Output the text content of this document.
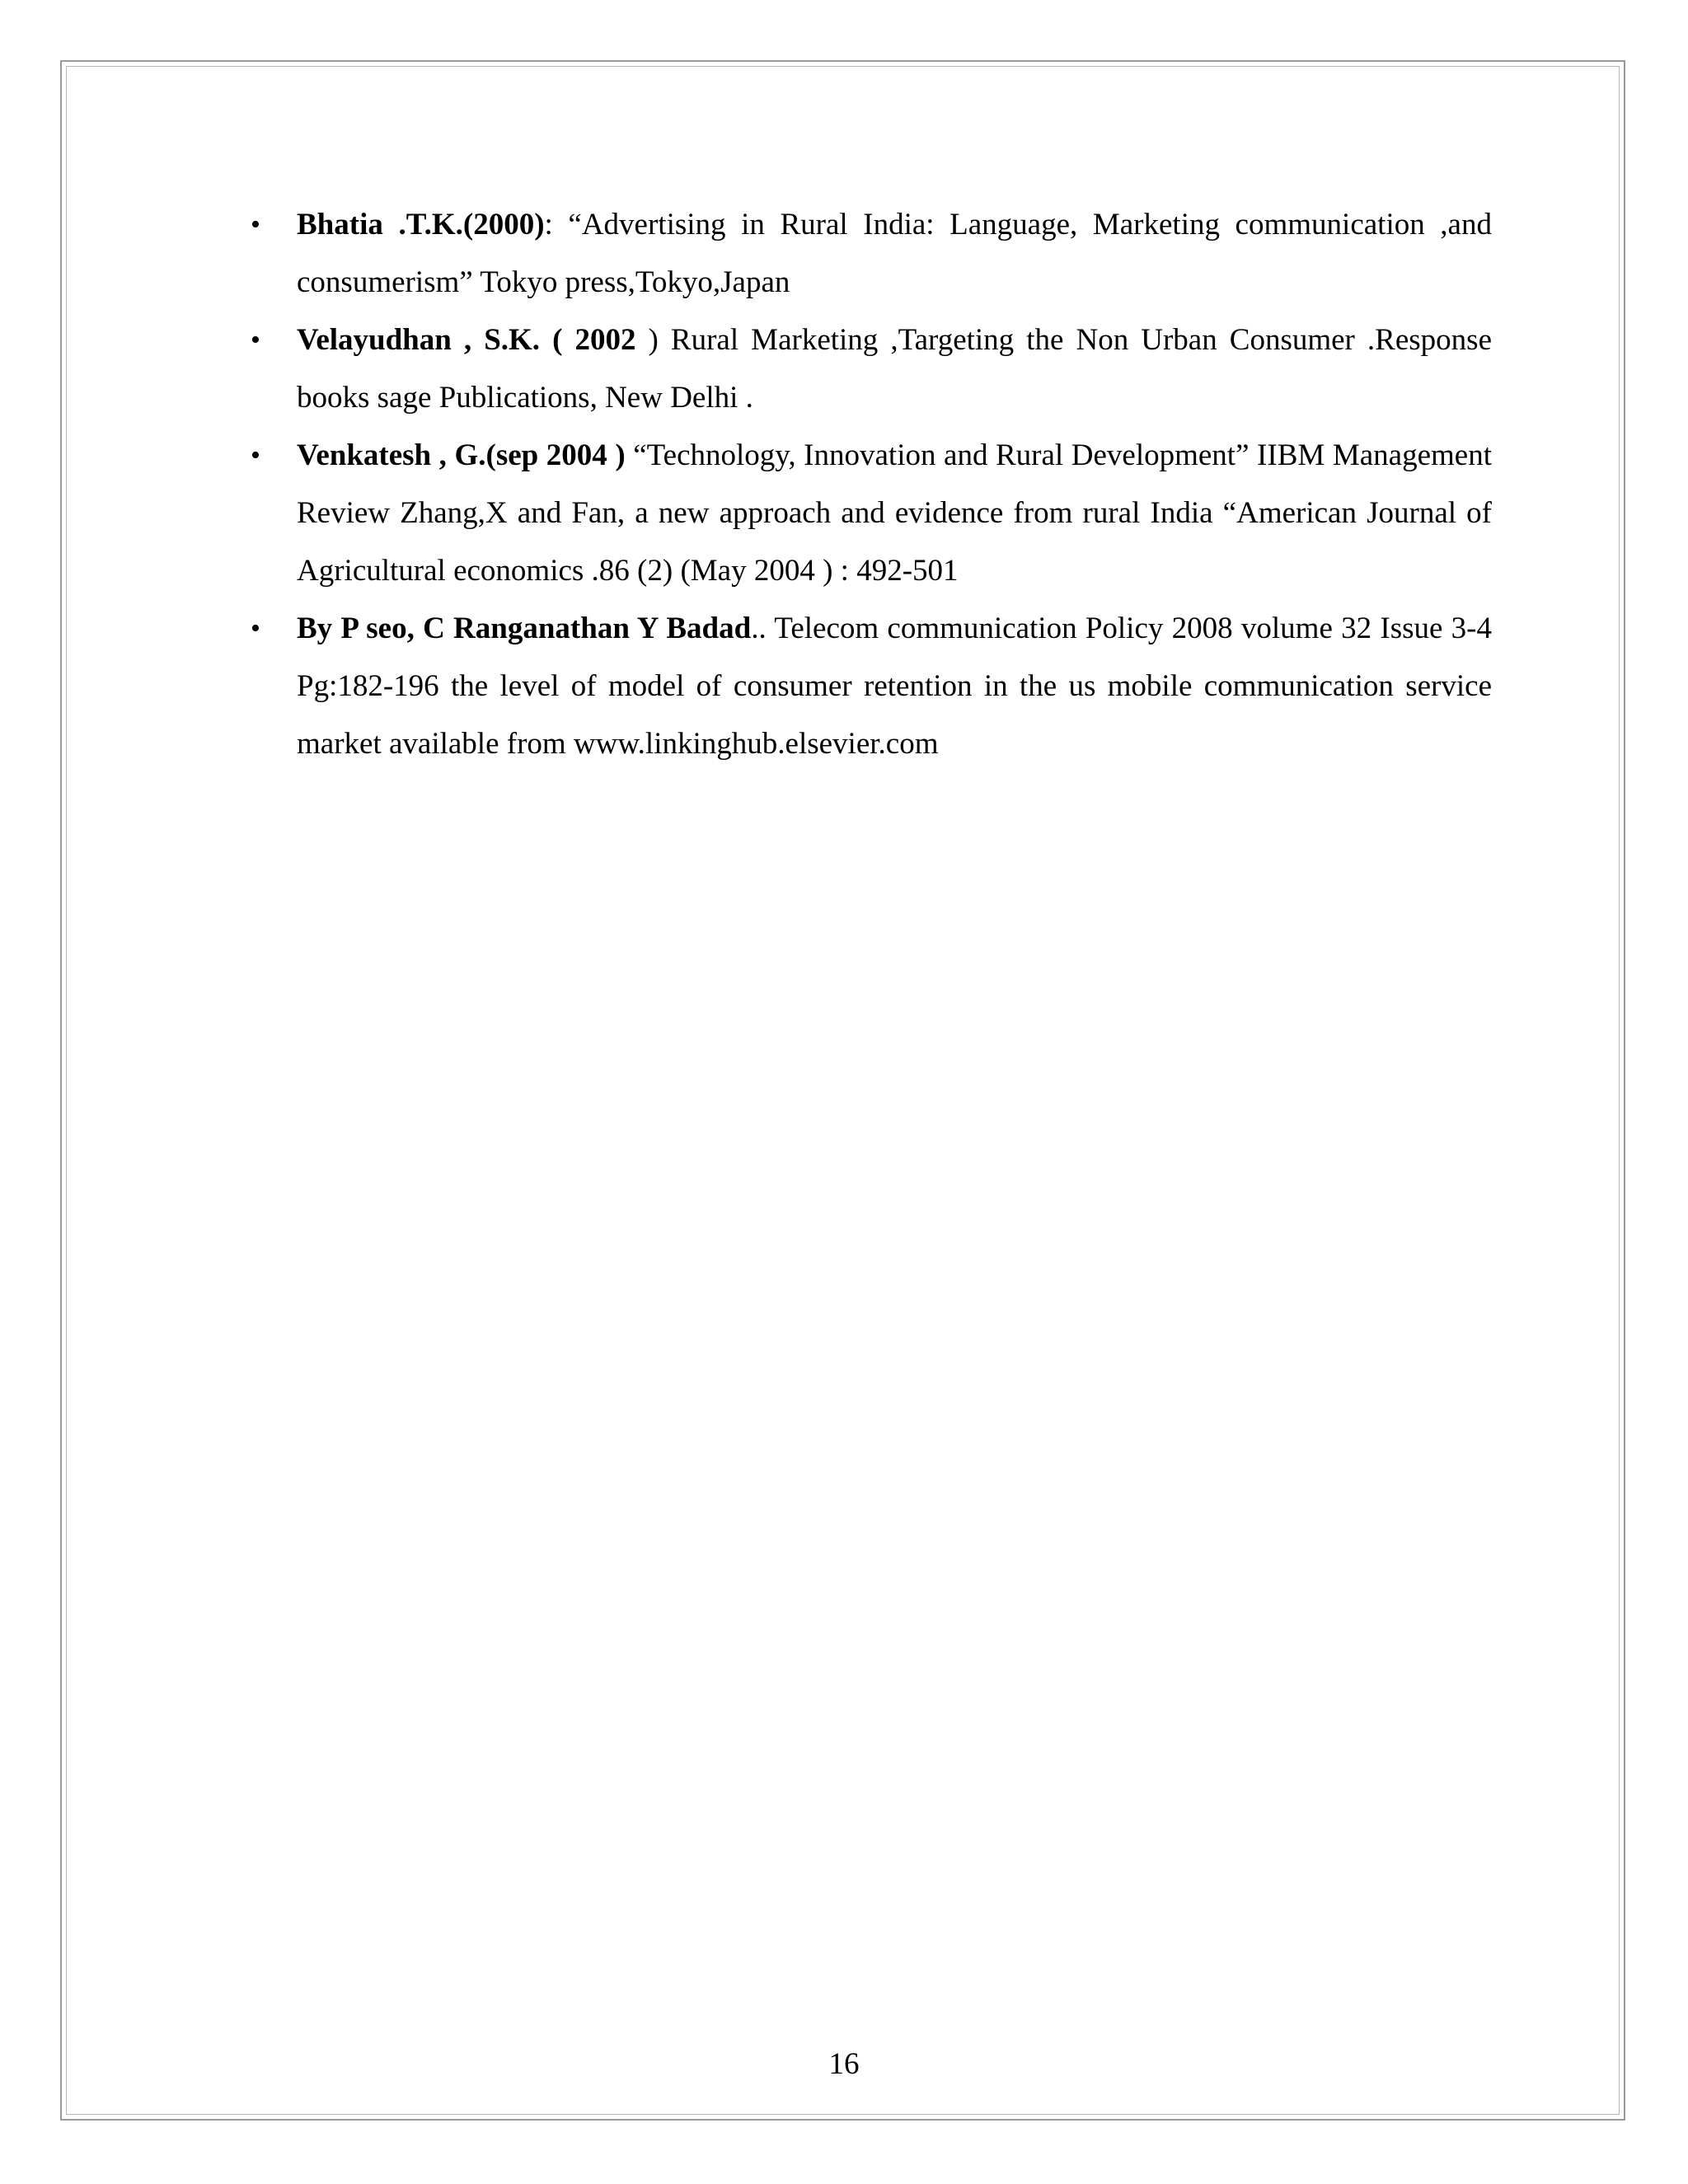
• Bhatia .T.K.(2000): “Advertising in Rural India: Language, Marketing communication ,and consumerism” Tokyo press,Tokyo,Japan
• Velayudhan , S.K. ( 2002 ) Rural Marketing ,Targeting the Non Urban Consumer .Response books sage Publications, New Delhi .
• Venkatesh , G.(sep 2004 ) “Technology, Innovation and Rural Development” IIBM Management Review Zhang,X and Fan, a new approach and evidence from rural India “American Journal of Agricultural economics .86 (2) (May 2004 ) : 492-501
• By P seo, C Ranganathan Y Badad.. Telecom communication Policy 2008 volume 32 Issue 3-4 Pg:182-196 the level of model of consumer retention in the us mobile communication service market available from www.linkinghub.elsevier.com
16
